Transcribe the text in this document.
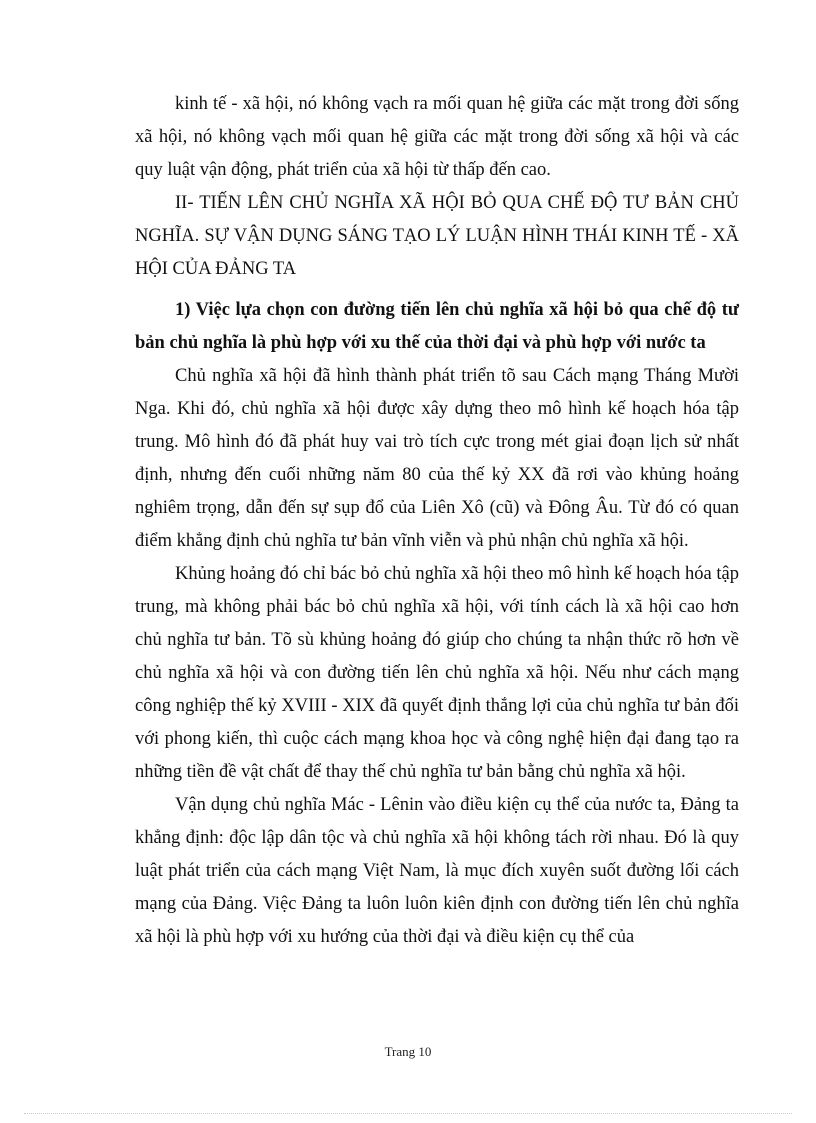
kinh tế - xã hội, nó không vạch ra mối quan hệ giữa các mặt trong đời sống xã hội, nó không vạch mối quan hệ giữa các mặt trong đời sống xã hội và các quy luật vận động, phát triển của xã hội từ thấp đến cao.

II- TIẾN LÊN CHỦ NGHĨA XÃ HỘI BỎ QUA CHẾ ĐỘ TƯ BẢN CHỦ NGHĨA. SỰ VẬN DỤNG SÁNG TẠO LÝ LUẬN HÌNH THÁI KINH TẾ - XÃ HỘI CỦA ĐẢNG TA

1) Việc lựa chọn con đường tiến lên chủ nghĩa xã hội bỏ qua chế độ tư bản chủ nghĩa là phù hợp với xu thế của thời đại và phù hợp với nước ta

Chủ nghĩa xã hội đã hình thành phát triển tõ sau Cách mạng Tháng Mười Nga. Khi đó, chủ nghĩa xã hội được xây dựng theo mô hình kế hoạch hóa tập trung. Mô hình đó đã phát huy vai trò tích cực trong mét giai đoạn lịch sử nhất định, nhưng đến cuối những năm 80 của thế kỷ XX đã rơi vào khủng hoảng nghiêm trọng, dẫn đến sự sụp đổ của Liên Xô (cũ) và Đông Âu. Từ đó có quan điểm khẳng định chủ nghĩa tư bản vĩnh viễn và phủ nhận chủ nghĩa xã hội.

Khủng hoảng đó chỉ bác bỏ chủ nghĩa xã hội theo mô hình kế hoạch hóa tập trung, mà không phải bác bỏ chủ nghĩa xã hội, với tính cách là xã hội cao hơn chủ nghĩa tư bản. Tõ sù khủng hoảng đó giúp cho chúng ta nhận thức rõ hơn về chủ nghĩa xã hội và con đường tiến lên chủ nghĩa xã hội. Nếu như cách mạng công nghiệp thế kỷ XVIII - XIX đã quyết định thắng lợi của chủ nghĩa tư bản đối với phong kiến, thì cuộc cách mạng khoa học và công nghệ hiện đại đang tạo ra những tiền đề vật chất để thay thế chủ nghĩa tư bản bằng chủ nghĩa xã hội.

Vận dụng chủ nghĩa Mác - Lênin vào điều kiện cụ thể của nước ta, Đảng ta khẳng định: độc lập dân tộc và chủ nghĩa xã hội không tách rời nhau. Đó là quy luật phát triển của cách mạng Việt Nam, là mục đích xuyên suốt đường lối cách mạng của Đảng. Việc Đảng ta luôn luôn kiên định con đường tiến lên chủ nghĩa xã hội là phù hợp với xu hướng của thời đại và điều kiện cụ thể của

Trang 10
